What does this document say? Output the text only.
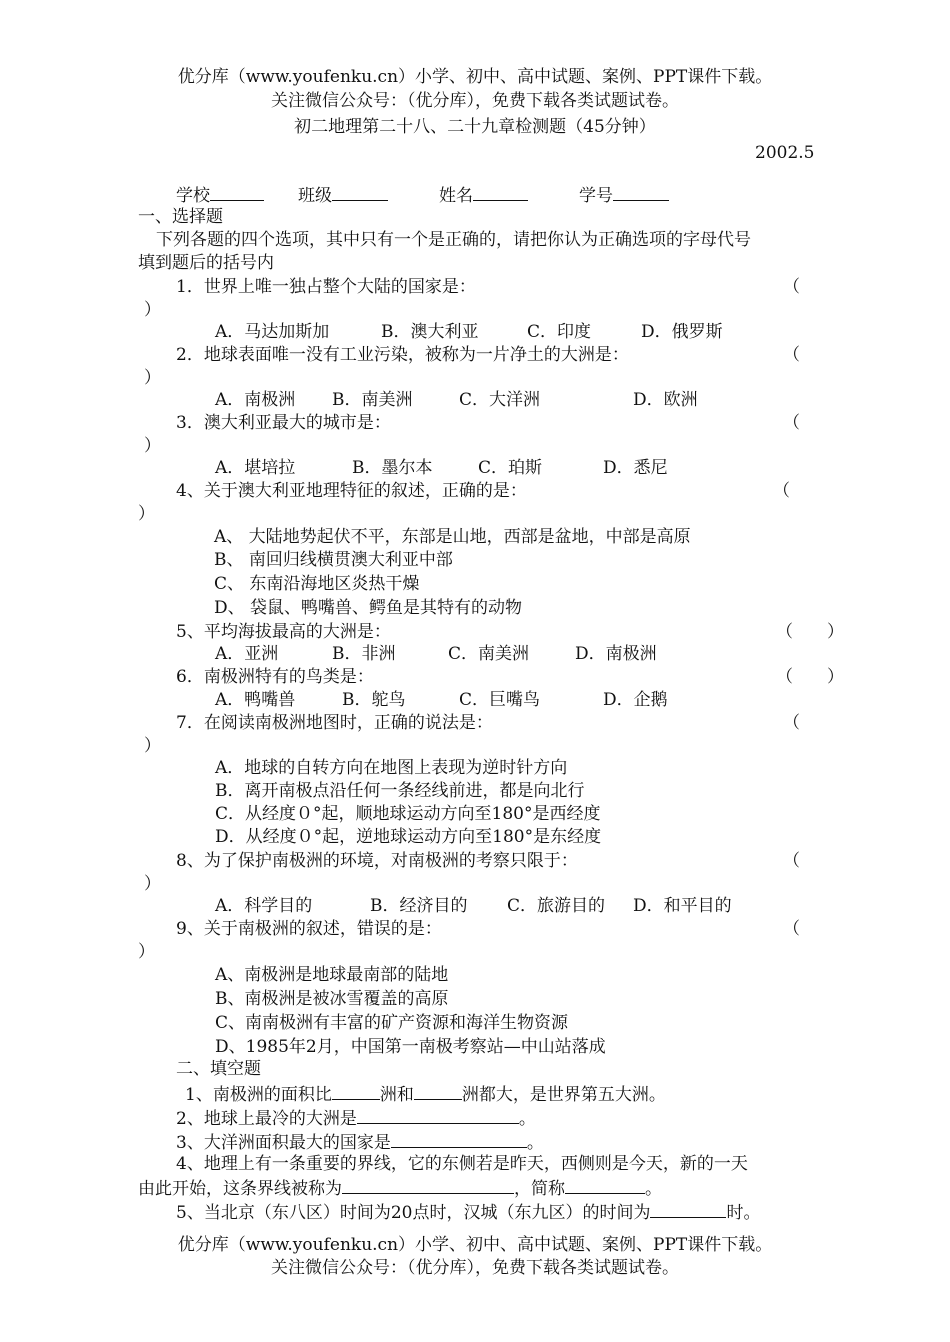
优分库（www.youfenku.cn）小学、初中、高中试题、案例、PPT课件下载。
关注微信公众号：（优分库），免费下载各类试题试卷。
初二地理第二十八、二十九章检测题（45分钟）
2002.5
学校　　	班级　　　	姓名　　　	学号
一、选择题
下列各题的四个选项，其中只有一个是正确的，请把你认为正确选项的字母代号
填到题后的括号内
1．世界上唯一独占整个大陆的国家是：	（
）
A．马达加斯加	B．澳大利亚	C．印度	D．俄罗斯
2．地球表面唯一没有工业污染，被称为一片净土的大洲是：	（
）
A．南极洲 B．南美洲	C．大洋洲	D．欧洲
3．澳大利亚最大的城市是：	（
）
A．堪培拉	B．墨尔本	C．珀斯	D．悉尼
4、关于澳大利亚地理特征的叙述，正确的是：	（
）
A、 大陆地势起伏不平，东部是山地，西部是盆地，中部是高原
B、 南回归线横贯澳大利亚中部
C、 东南沿海地区炎热干燥
D、 袋鼠、鸭嘴兽、鳄鱼是其特有的动物
5、平均海拔最高的大洲是：	（　　）
A．亚洲	B．非洲	C．南美洲	D．南极洲
6．南极洲特有的鸟类是：	（　　）
A．鸭嘴兽	B．鸵鸟	C．巨嘴鸟	D．企鹅
7．在阅读南极洲地图时，正确的说法是：	（
）
A．地球的自转方向在地图上表现为逆时针方向
B．离开南极点沿任何一条经线前进，都是向北行
C．从经度０°起，顺地球运动方向至180°是西经度
D．从经度０°起，逆地球运动方向至180°是东经度
8、为了保护南极洲的环境，对南极洲的考察只限于：	（
）
A．科学目的	B．经济目的 C．旅游目的 D．和平目的
9、关于南极洲的叙述，错误的是：	（
）
A、南极洲是地球最南部的陆地
B、南极洲是被冰雪覆盖的高原
C、南南极洲有丰富的矿产资源和海洋生物资源
D、1985年2月，中国第一南极考察站—中山站落成
二、填空题
1、南极洲的面积比	洲和	洲都大，是世界第五大洲。
2、地球上最冷的大洲是	。
3、大洋洲面积最大的国家是	。
4、地理上有一条重要的界线，它的东侧若是昨天，西侧则是今天，新的一天
由此开始，这条界线被称为	，简称	。
5、当北京（东八区）时间为20点时，汉城（东九区）的时间为	时。
优分库（www.youfenku.cn）小学、初中、高中试题、案例、PPT课件下载。
关注微信公众号：（优分库），免费下载各类试题试卷。
